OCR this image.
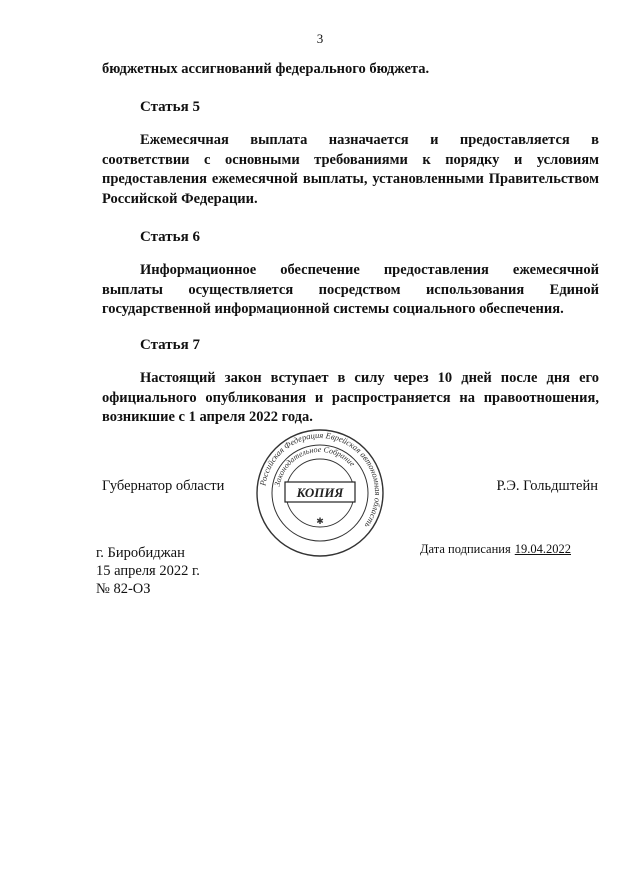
3
бюджетных ассигнований федерального бюджета.
Статья 5
Ежемесячная выплата назначается и предоставляется в соответствии с основными требованиями к порядку и условиям предоставления ежемесячной выплаты, установленными Правительством Российской Федерации.
Статья 6
Информационное обеспечение предоставления ежемесячной выплаты осуществляется посредством использования Единой государственной информационной системы социального обеспечения.
Статья 7
Настоящий закон вступает в силу через 10 дней после дня его официального опубликования и распространяется на правоотношения, возникшие с 1 апреля 2022 года.
Губернатор области	Р.Э. Гольдштейн
Российская Федерация Еврейская автономная область
Законодательное Собрание
КОПИЯ
✱
г. Биробиджан
15 апреля 2022 г.
№ 82-ОЗ
Дата подписания 19.04.2022
